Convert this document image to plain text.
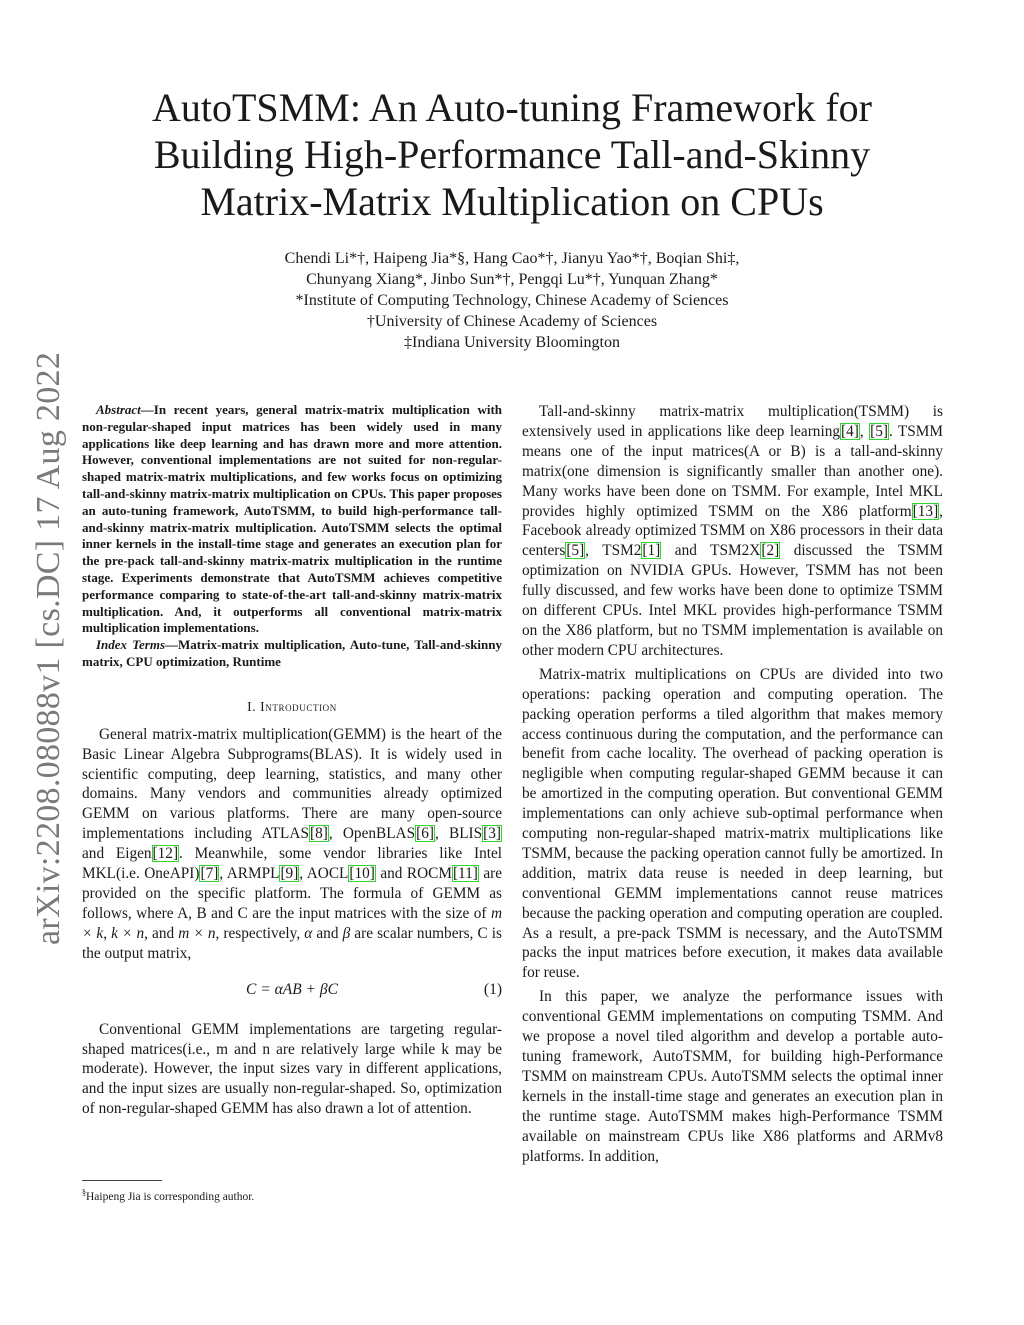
arXiv:2208.08088v1 [cs.DC] 17 Aug 2022
AutoTSMM: An Auto-tuning Framework for
Building High-Performance Tall-and-Skinny
Matrix-Matrix Multiplication on CPUs
Chendi Li*†, Haipeng Jia*§, Hang Cao*†, Jianyu Yao*†, Boqian Shi‡,
Chunyang Xiang*, Jinbo Sun*†, Pengqi Lu*†, Yunquan Zhang*
*Institute of Computing Technology, Chinese Academy of Sciences
†University of Chinese Academy of Sciences
‡Indiana University Bloomington

Abstract—In recent years, general matrix-matrix multiplication with non-regular-shaped input matrices has been widely used in many applications like deep learning and has drawn more and more attention. However, conventional implementations are not suited for non-regular-shaped matrix-matrix multiplications, and few works focus on optimizing tall-and-skinny matrix-matrix multiplication on CPUs. This paper proposes an auto-tuning framework, AutoTSMM, to build high-performance tall-and-skinny matrix-matrix multiplication. AutoTSMM selects the optimal inner kernels in the install-time stage and generates an execution plan for the pre-pack tall-and-skinny matrix-matrix multiplication in the runtime stage. Experiments demonstrate that AutoTSMM achieves competitive performance comparing to state-of-the-art tall-and-skinny matrix-matrix multiplication. And, it outperforms all conventional matrix-matrix multiplication implementations.

Index Terms—Matrix-matrix multiplication, Auto-tune, Tall-and-skinny matrix, CPU optimization, Runtime

I. Introduction

General matrix-matrix multiplication(GEMM) is the heart of the Basic Linear Algebra Subprograms(BLAS). It is widely used in scientific computing, deep learning, statistics, and many other domains. Many vendors and communities already optimized GEMM on various platforms. There are many open-source implementations including ATLAS[8], OpenBLAS[6], BLIS[3] and Eigen[12]. Meanwhile, some vendor libraries like Intel MKL(i.e. OneAPI)[7], ARMPL[9], AOCL[10] and ROCM[11] are provided on the specific platform. The formula of GEMM as follows, where A, B and C are the input matrices with the size of m × k, k × n, and m × n, respectively, α and β are scalar numbers, C is the output matrix,

C = αAB + βC	(1)

Conventional GEMM implementations are targeting regular-shaped matrices(i.e., m and n are relatively large while k may be moderate). However, the input sizes vary in different applications, and the input sizes are usually non-regular-shaped. So, optimization of non-regular-shaped GEMM has also drawn a lot of attention.

§Haipeng Jia is corresponding author.

Tall-and-skinny matrix-matrix multiplication(TSMM) is extensively used in applications like deep learning[4], [5]. TSMM means one of the input matrices(A or B) is a tall-and-skinny matrix(one dimension is significantly smaller than another one). Many works have been done on TSMM. For example, Intel MKL provides highly optimized TSMM on the X86 platform[13], Facebook already optimized TSMM on X86 processors in their data centers[5], TSM2[1] and TSM2X[2] discussed the TSMM optimization on NVIDIA GPUs. However, TSMM has not been fully discussed, and few works have been done to optimize TSMM on different CPUs. Intel MKL provides high-performance TSMM on the X86 platform, but no TSMM implementation is available on other modern CPU architectures.

Matrix-matrix multiplications on CPUs are divided into two operations: packing operation and computing operation. The packing operation performs a tiled algorithm that makes memory access continuous during the computation, and the performance can benefit from cache locality. The overhead of packing operation is negligible when computing regular-shaped GEMM because it can be amortized in the computing operation. But conventional GEMM implementations can only achieve sub-optimal performance when computing non-regular-shaped matrix-matrix multiplications like TSMM, because the packing operation cannot fully be amortized. In addition, matrix data reuse is needed in deep learning, but conventional GEMM implementations cannot reuse matrices because the packing operation and computing operation are coupled. As a result, a pre-pack TSMM is necessary, and the AutoTSMM packs the input matrices before execution, it makes data available for reuse.

In this paper, we analyze the performance issues with conventional GEMM implementations on computing TSMM. And we propose a novel tiled algorithm and develop a portable auto-tuning framework, AutoTSMM, for building high-Performance TSMM on mainstream CPUs. AutoTSMM selects the optimal inner kernels in the install-time stage and generates an execution plan in the runtime stage. AutoTSMM makes high-Performance TSMM available on mainstream CPUs like X86 platforms and ARMv8 platforms. In addition,
